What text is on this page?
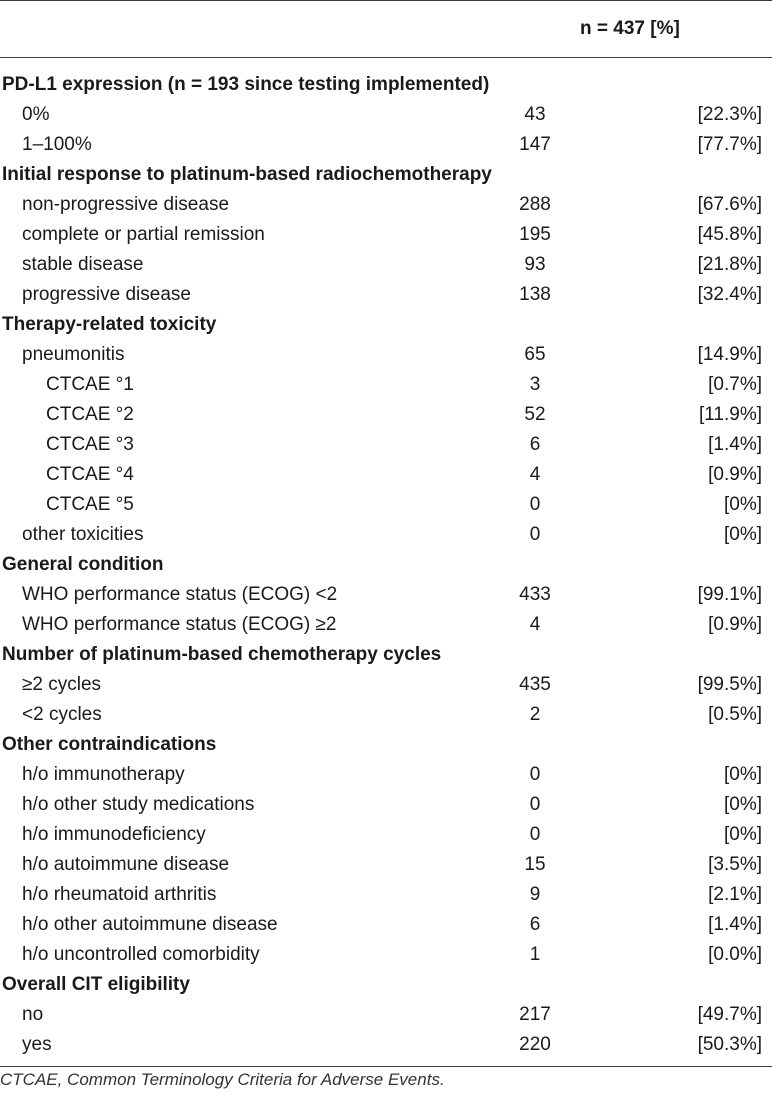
n = 437 [%]
PD-L1 expression (n = 193 since testing implemented)
0%	43	[22.3%]
1–100%	147	[77.7%]
Initial response to platinum-based radiochemotherapy
non-progressive disease	288	[67.6%]
complete or partial remission	195	[45.8%]
stable disease	93	[21.8%]
progressive disease	138	[32.4%]
Therapy-related toxicity
pneumonitis	65	[14.9%]
CTCAE °1	3	[0.7%]
CTCAE °2	52	[11.9%]
CTCAE °3	6	[1.4%]
CTCAE °4	4	[0.9%]
CTCAE °5	0	[0%]
other toxicities	0	[0%]
General condition
WHO performance status (ECOG) <2	433	[99.1%]
WHO performance status (ECOG) ≥2	4	[0.9%]
Number of platinum-based chemotherapy cycles
≥2 cycles	435	[99.5%]
<2 cycles	2	[0.5%]
Other contraindications
h/o immunotherapy	0	[0%]
h/o other study medications	0	[0%]
h/o immunodeficiency	0	[0%]
h/o autoimmune disease	15	[3.5%]
h/o rheumatoid arthritis	9	[2.1%]
h/o other autoimmune disease	6	[1.4%]
h/o uncontrolled comorbidity	1	[0.0%]
Overall CIT eligibility
no	217	[49.7%]
yes	220	[50.3%]
CTCAE, Common Terminology Criteria for Adverse Events.
